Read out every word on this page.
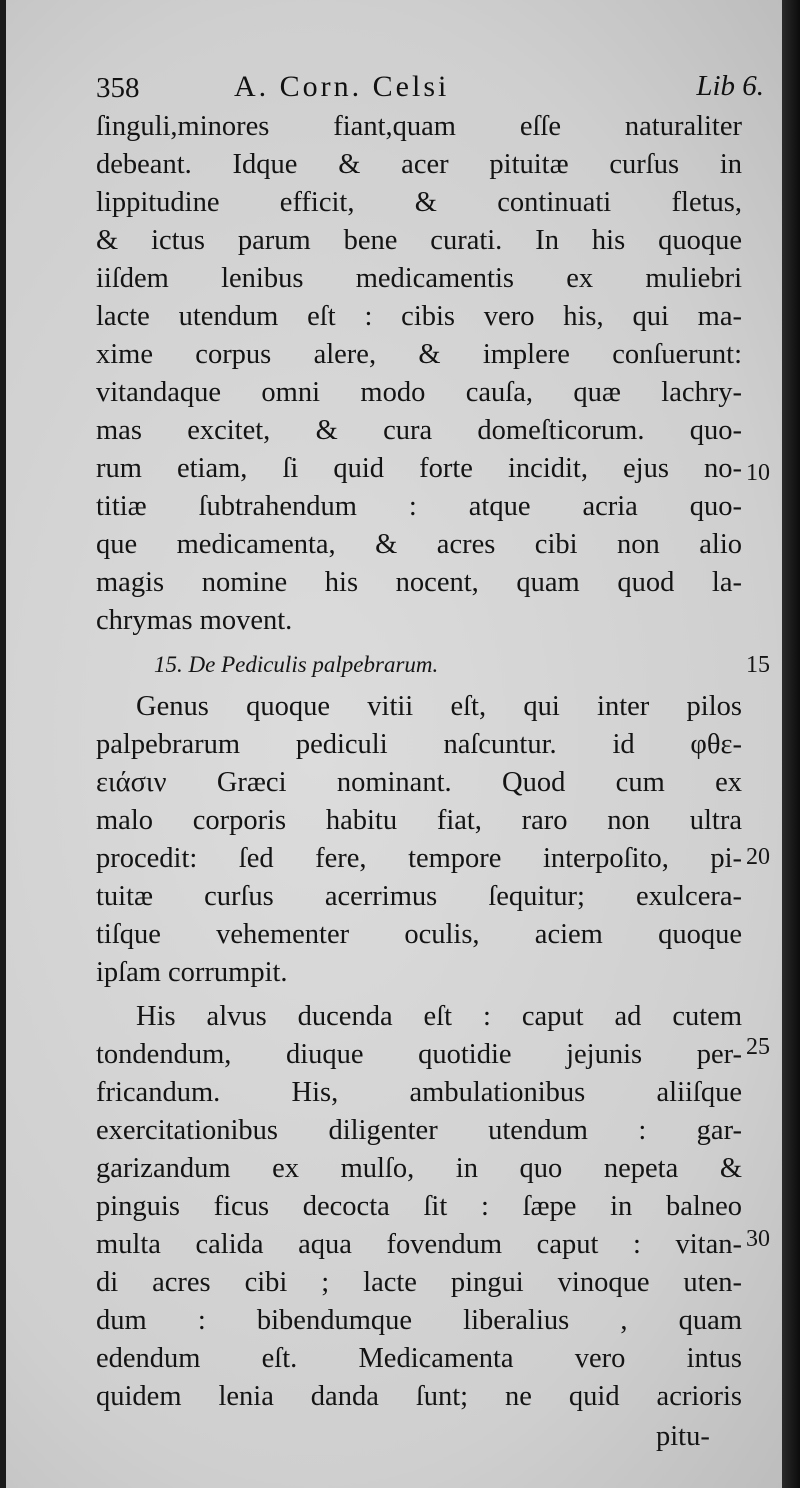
358	A. Corn. Celsi	Lib 6.
ſinguli,minores fiant,quam eſſe naturaliter
debeant. Idque & acer pituitæ curſus in
lippitudine efficit, & continuati fletus,
& ictus parum bene curati. In his quoque
iiſdem lenibus medicamentis ex muliebri
lacte utendum eſt : cibis vero his, qui ma-
xime corpus alere, & implere conſuerunt:
vitandaque omni modo cauſa, quæ lachry-
mas excitet, & cura domeſticorum. quo-
rum etiam, ſi quid forte incidit, ejus no-
titiæ ſubtrahendum : atque acria quo-
que medicamenta, & acres cibi non alio
magis nomine his nocent, quam quod la-
chrymas movent.
Genus quoque vitii eſt, qui inter pilos
palpebrarum pediculi naſcuntur. id φθε-
ειάσιν Græci nominant. Quod cum ex
malo corporis habitu fiat, raro non ultra
procedit: ſed fere, tempore interpoſito, pi-
tuitæ curſus acerrimus ſequitur; exulcera-
tiſque vehementer oculis, aciem quoque
ipſam corrumpit.
His alvus ducenda eſt : caput ad cutem
tondendum, diuque quotidie jejunis per-
fricandum. His, ambulationibus aliiſque
exercitationibus diligenter utendum : gar-
garizandum ex mulſo, in quo nepeta &
pinguis ficus decocta ſit : ſæpe in balneo
multa calida aqua fovendum caput : vitan-
di acres cibi ; lacte pingui vinoque uten-
dum : bibendumque liberalius , quam
edendum eſt. Medicamenta vero intus
quidem lenia danda ſunt; ne quid acrioris
15. De Pediculis palpebrarum.
10
15
20
25
30
pitu-
